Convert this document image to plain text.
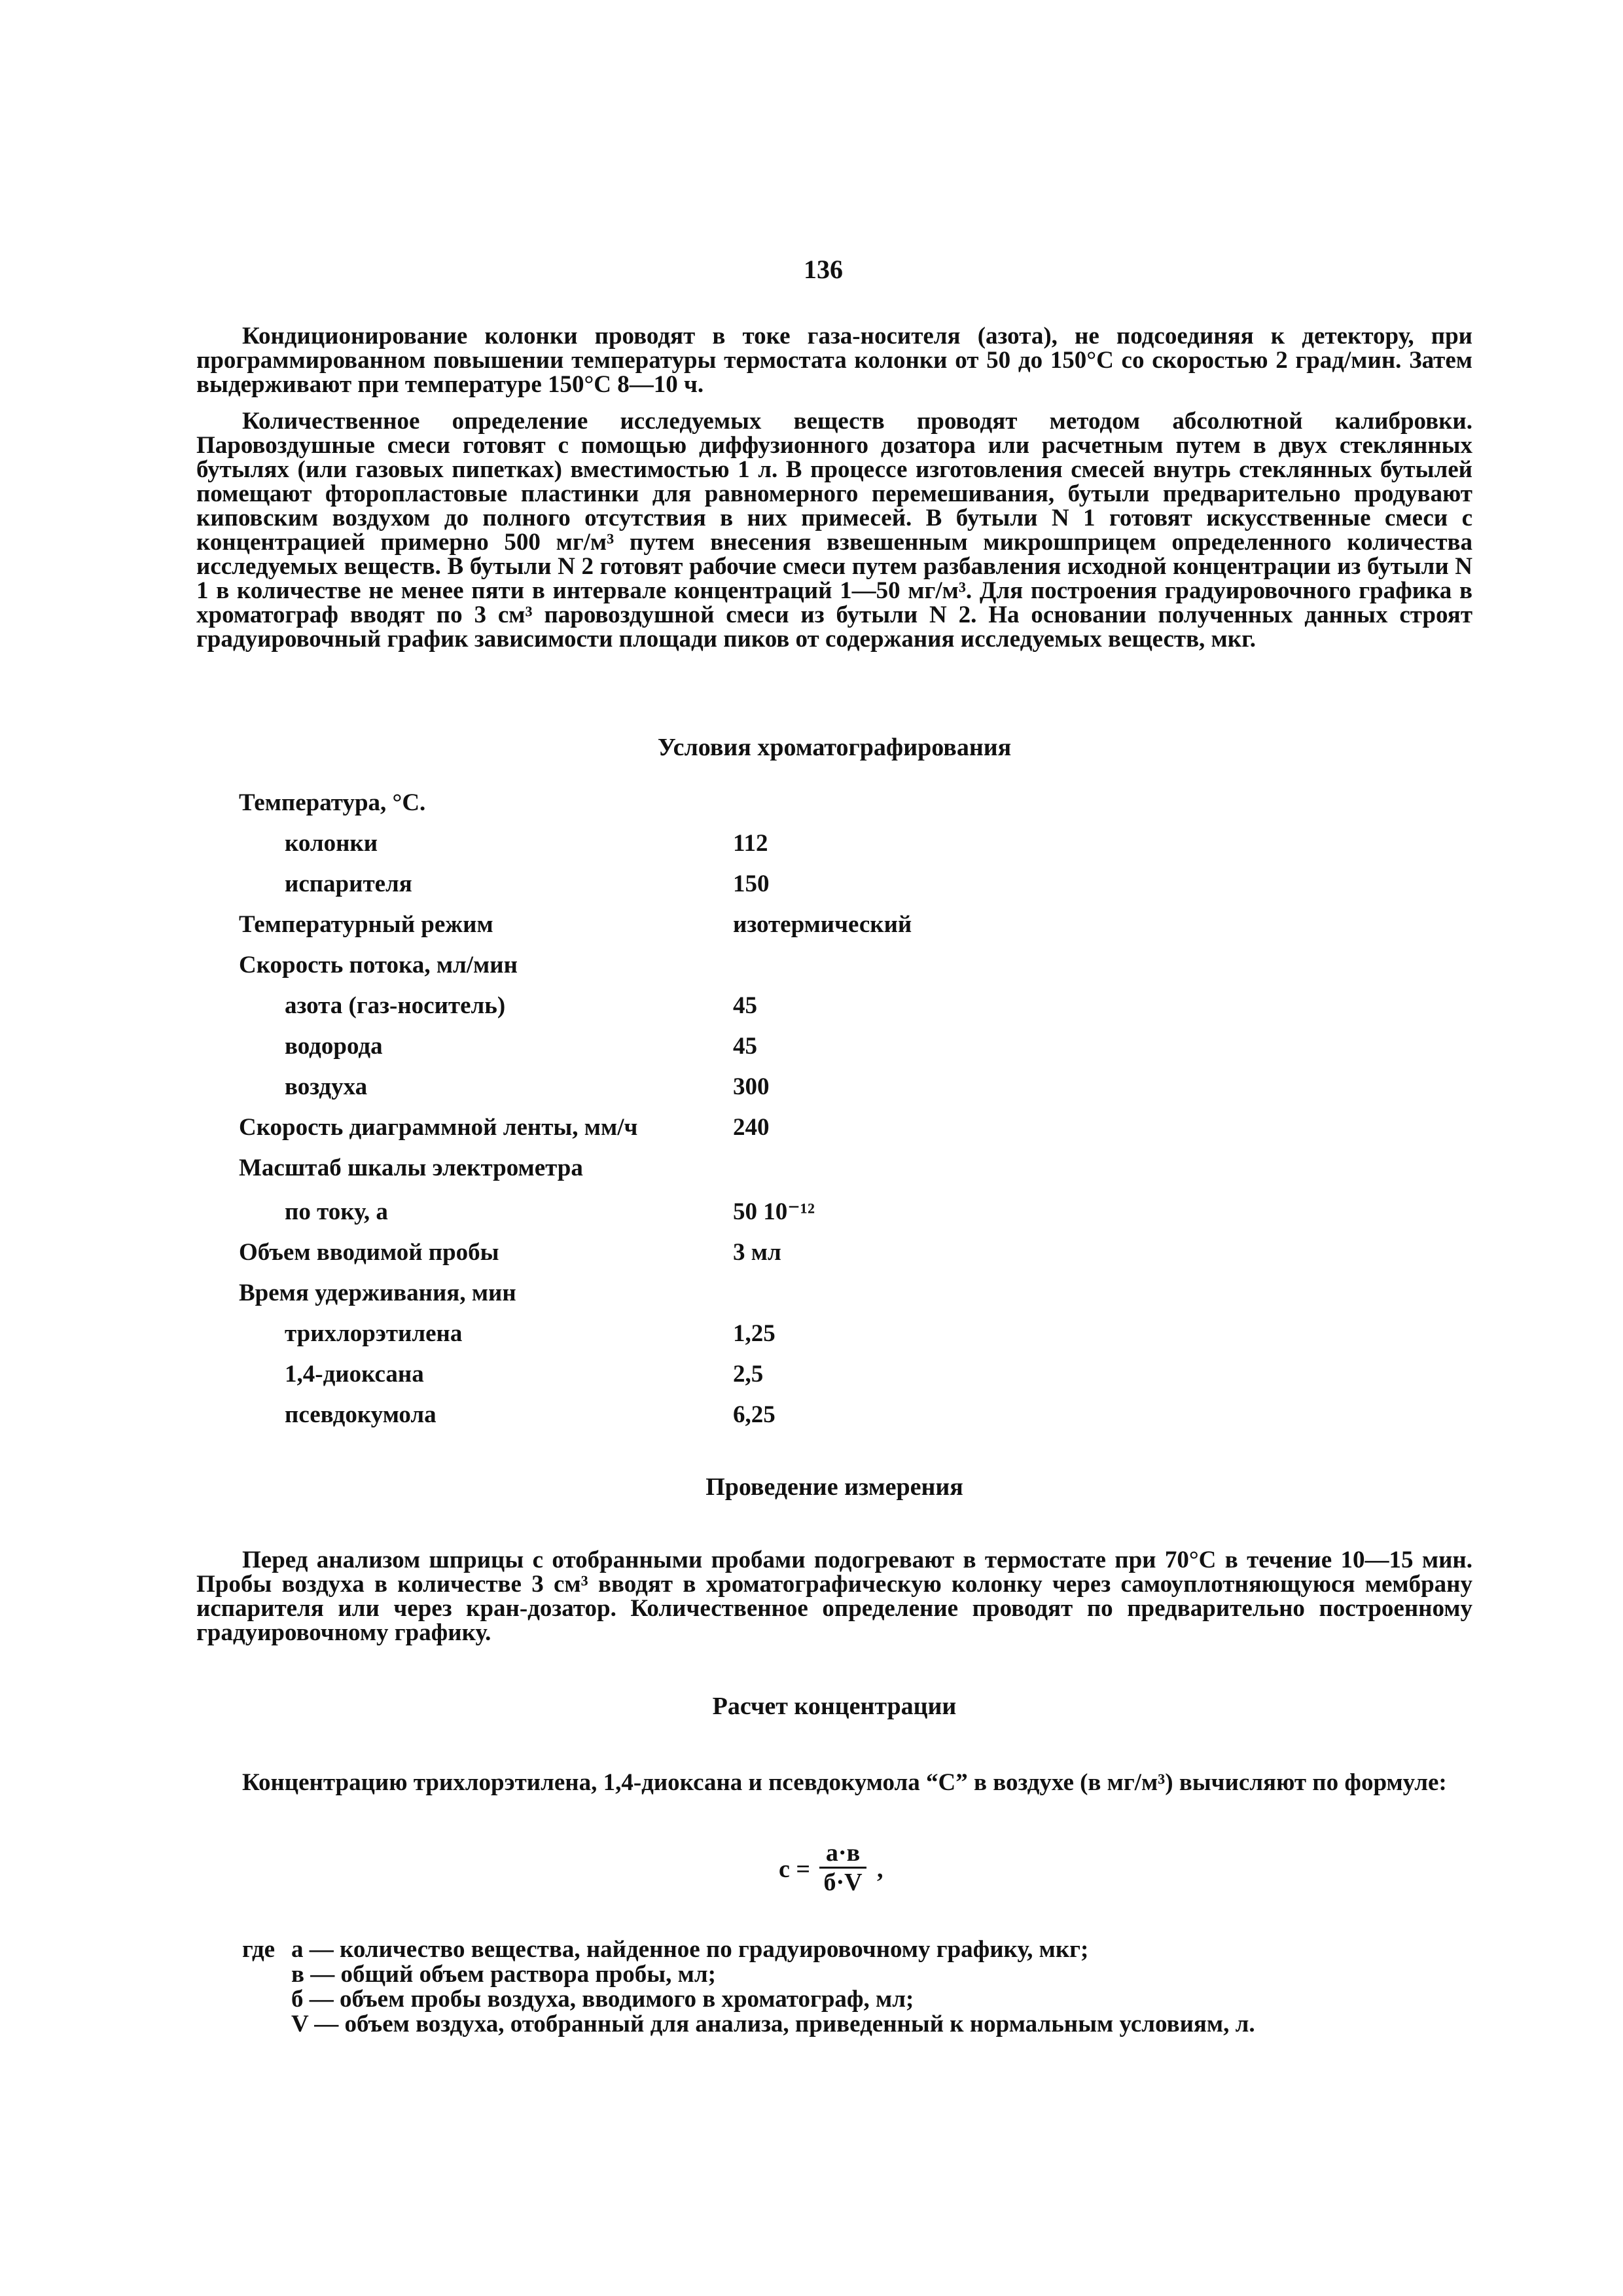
136

Кондиционирование колонки проводят в токе газа-носителя (азота), не подсоединяя к детектору, при программированном повышении температуры термостата колонки от 50 до 150°С со скоростью 2 град/мин. Затем выдерживают при температуре 150°С 8—10 ч.

Количественное определение исследуемых веществ проводят методом абсолютной калибровки. Паровоздушные смеси готовят с помощью диффузионного дозатора или расчетным путем в двух стеклянных бутылях (или газовых пипетках) вместимостью 1 л. В процессе изготовления смесей внутрь стеклянных бутылей помещают фторопластовые пластинки для равномерного перемешивания, бутыли предварительно продувают киповским воздухом до полного отсутствия в них примесей. В бутыли N 1 готовят искусственные смеси с концентрацией примерно 500 мг/м³ путем внесения взвешенным микрошприцем определенного количества исследуемых веществ. В бутыли N 2 готовят рабочие смеси путем разбавления исходной концентрации из бутыли N 1 в количестве не менее пяти в интервале концентраций 1—50 мг/м³. Для построения градуировочного графика в хроматограф вводят по 3 см³ паровоздушной смеси из бутыли N 2. На основании полученных данных строят градуировочный график зависимости площади пиков от содержания исследуемых веществ, мкг.

Условия хроматографирования
Температура, °С.
колонки	112
испарителя	150
Температурный режим	изотермический
Скорость потока, мл/мин
азота (газ-носитель)	45
водорода	45
воздуха	300
Скорость диаграммной ленты, мм/ч	240
Масштаб шкалы электрометра
по току, а	50 10⁻¹²
Объем вводимой пробы	3 мл
Время удерживания, мин
трихлорэтилена	1,25
1,4-диоксана	2,5
псевдокумола	6,25
Проведение измерения

Перед анализом шприцы с отобранными пробами подогревают в термостате при 70°С в течение 10—15 мин. Пробы воздуха в количестве 3 см³ вводят в хроматографическую колонку через самоуплотняющуюся мембрану испарителя или через кран-дозатор. Количественное определение проводят по предварительно построенному градуировочному графику.

Расчет концентрации

Концентрацию трихлорэтилена, 1,4-диоксана и псевдокумола “С” в воздухе (в мг/м³) вычисляют по формуле:

с =
а·в
б·V ,
где а — количество вещества, найденное по градуировочному графику, мкг;
в — общий объем раствора пробы, мл;
б — объем пробы воздуха, вводимого в хроматограф, мл;
V — объем воздуха, отобранный для анализа, приведенный к нормальным условиям, л.
